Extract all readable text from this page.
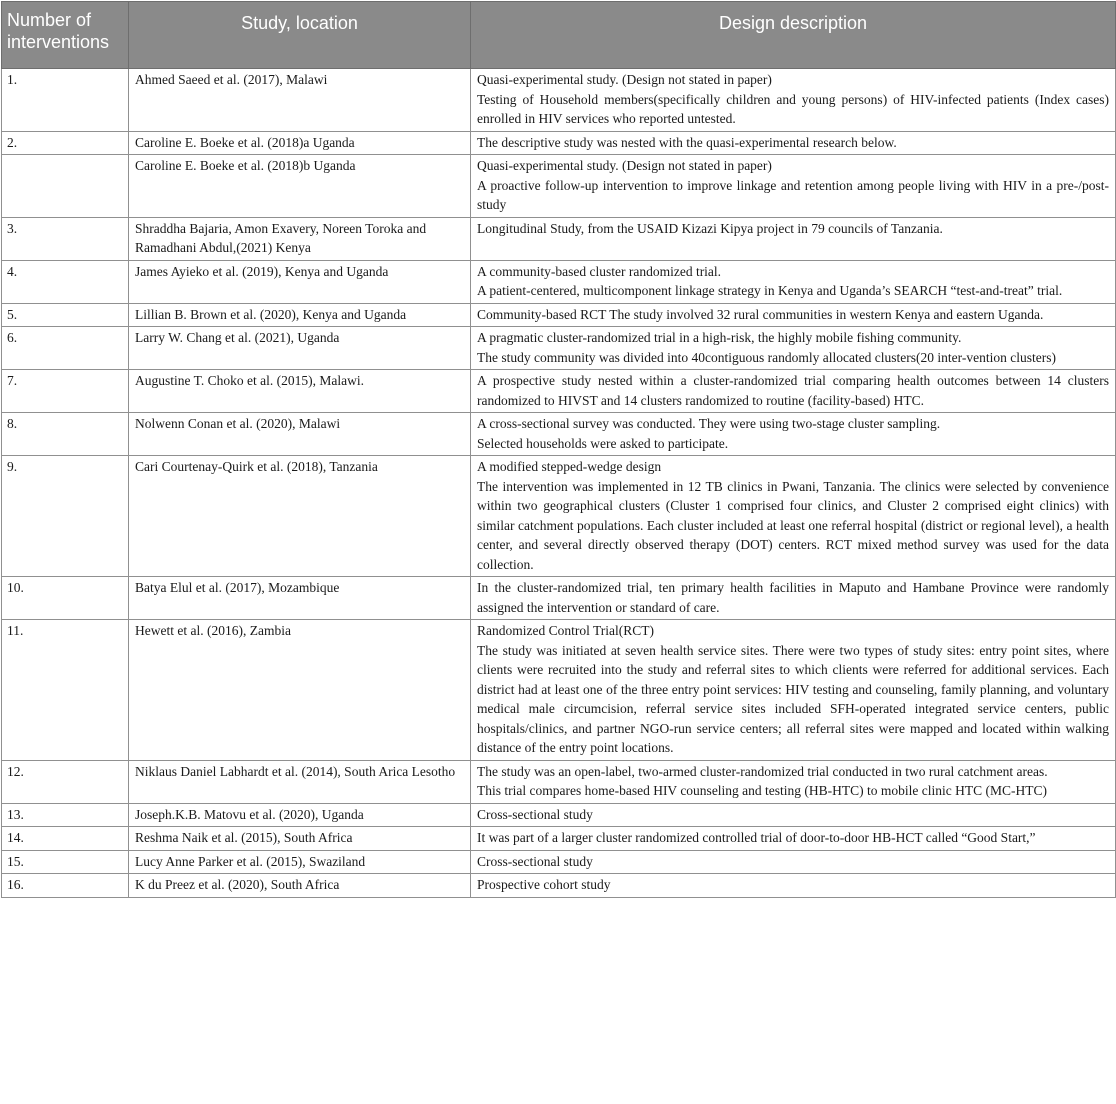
Number of interventions	Study, location	Design description
1.	Ahmed Saeed et al. (2017), Malawi	Quasi-experimental study. (Design not stated in paper)
Testing of Household members(specifically children and young persons) of HIV-infected patients (Index cases) enrolled in HIV services who reported untested.

2.	Caroline E. Boeke et al. (2018)a Uganda	The descriptive study was nested with the quasi-experimental research below.

	Caroline E. Boeke et al. (2018)b Uganda	Quasi-experimental study. (Design not stated in paper)
A proactive follow-up intervention to improve linkage and retention among people living with HIV in a pre-/post- study

3.	Shraddha Bajaria, Amon Exavery, Noreen Toroka and Ramadhani Abdul,(2021) Kenya	Longitudinal Study, from the USAID Kizazi Kipya project in 79 councils of Tanzania.

4.	James Ayieko et al. (2019), Kenya and Uganda	A community-based cluster randomized trial.
A patient-centered, multicomponent linkage strategy in Kenya and Uganda’s SEARCH “test-and-treat” trial.

5.	Lillian B. Brown et al. (2020), Kenya and Uganda	Community-based RCT The study involved 32 rural communities in western Kenya and eastern Uganda.

6.	Larry W. Chang et al. (2021), Uganda	A pragmatic cluster-randomized trial in a high-risk, the highly mobile fishing community.
The study community was divided into 40contiguous randomly allocated clusters(20 inter-vention clusters)

7.	Augustine T. Choko et al. (2015), Malawi.	A prospective study nested within a cluster-randomized trial comparing health outcomes between 14 clusters randomized to HIVST and 14 clusters randomized to routine (facility-based) HTC.

8.	Nolwenn Conan et al. (2020), Malawi	A cross-sectional survey was conducted. They were using two-stage cluster sampling.
Selected households were asked to participate.

9.	Cari Courtenay-Quirk et al. (2018), Tanzania	A modified stepped-wedge design
The intervention was implemented in 12 TB clinics in Pwani, Tanzania. The clinics were selected by convenience within two geographical clusters (Cluster 1 comprised four clinics, and Cluster 2 comprised eight clinics) with similar catchment populations. Each cluster included at least one referral hospital (district or regional level), a health center, and several directly observed therapy (DOT) centers. RCT mixed method survey was used for the data collection.

10.	Batya Elul et al. (2017), Mozambique	In the cluster-randomized trial, ten primary health facilities in Maputo and Hambane Province were randomly assigned the intervention or standard of care.

11.	Hewett et al. (2016), Zambia	Randomized Control Trial(RCT)
The study was initiated at seven health service sites. There were two types of study sites: entry point sites, where clients were recruited into the study and referral sites to which clients were referred for additional services. Each district had at least one of the three entry point services: HIV testing and counseling, family planning, and voluntary medical male circumcision, referral service sites included SFH-operated integrated service centers, public hospitals/clinics, and partner NGO-run service centers; all referral sites were mapped and located within walking distance of the entry point locations.

12.	Niklaus Daniel Labhardt et al. (2014), South Arica Lesotho	The study was an open-label, two-armed cluster-randomized trial conducted in two rural catchment areas.
This trial compares home-based HIV counseling and testing (HB-HTC) to mobile clinic HTC (MC-HTC)

13.	Joseph.K.B. Matovu et al. (2020), Uganda	Cross-sectional study

14.	Reshma Naik et al. (2015), South Africa	It was part of a larger cluster randomized controlled trial of door-to-door HB-HCT called “Good Start,”

15.	Lucy Anne Parker et al. (2015), Swaziland	Cross-sectional study

16.	K du Preez et al. (2020), South Africa	Prospective cohort study
